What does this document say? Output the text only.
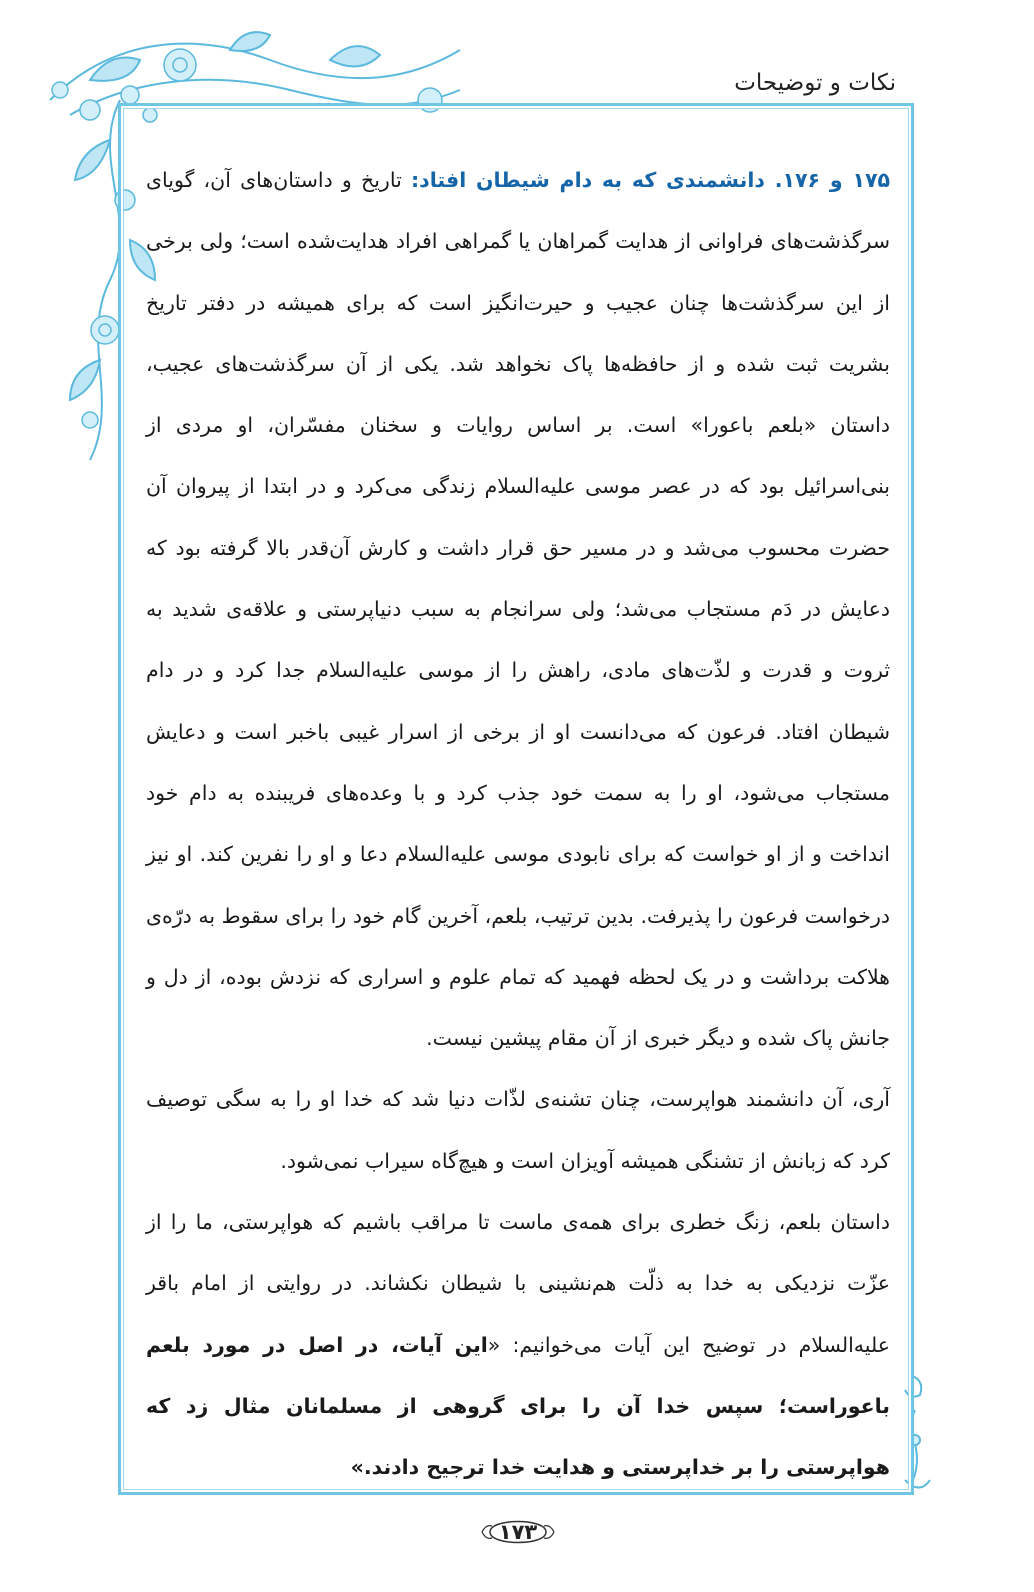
نکات و توضیحات

۱۷۵ و ۱۷۶. دانشمندی که به دام شیطان افتاد: تاریخ و داستان‌های آن، گویای سرگذشت‌های فراوانی از هدایت گمراهان یا گمراهی افراد هدایت‌شده است؛ ولی برخی از این سرگذشت‌ها چنان عجیب و حیرت‌انگیز است که برای همیشه در دفتر تاریخ بشریت ثبت شده و از حافظه‌ها پاک نخواهد شد. یکی از آن سرگذشت‌های عجیب، داستان «بلعم باعورا» است. بر اساس روایات و سخنان مفسّران، او مردی از بنی‌اسرائیل بود که در عصر موسی علیه‌السلام زندگی می‌کرد و در ابتدا از پیروان آن حضرت محسوب می‌شد و در مسیر حق قرار داشت و کارش آن‌قدر بالا گرفته بود که دعایش در دَم مستجاب می‌شد؛ ولی سرانجام به سبب دنیاپرستی و علاقه‌ی شدید به ثروت و قدرت و لذّت‌های مادی، راهش را از موسی علیه‌السلام جدا کرد و در دام شیطان افتاد. فرعون که می‌دانست او از برخی از اسرار غیبی باخبر است و دعایش مستجاب می‌شود، او را به سمت خود جذب کرد و با وعده‌های فریبنده به دام خود انداخت و از او خواست که برای نابودی موسی علیه‌السلام دعا و او را نفرین کند. او نیز درخواست فرعون را پذیرفت. بدین ترتیب، بلعم، آخرین گام خود را برای سقوط به درّه‌ی هلاکت برداشت و در یک لحظه فهمید که تمام علوم و اسراری که نزدش بوده، از دل و جانش پاک شده و دیگر خبری از آن مقام پیشین نیست.

آری، آن دانشمند هواپرست، چنان تشنه‌ی لذّات دنیا شد که خدا او را به سگی توصیف کرد که زبانش از تشنگی همیشه آویزان است و هیچ‌گاه سیراب نمی‌شود.

داستان بلعم، زنگ خطری برای همه‌ی ماست تا مراقب باشیم که هواپرستی، ما را از عزّت نزدیکی به خدا به ذلّت هم‌نشینی با شیطان نکشاند. در روایتی از امام باقر علیه‌السلام در توضیح این آیات می‌خوانیم: «این آیات، در اصل در مورد بلعم باعوراست؛ سپس خدا آن را برای گروهی از مسلمانان مثال زد که هواپرستی را بر خداپرستی و هدایت خدا ترجیح دادند.»

۱۷۳
